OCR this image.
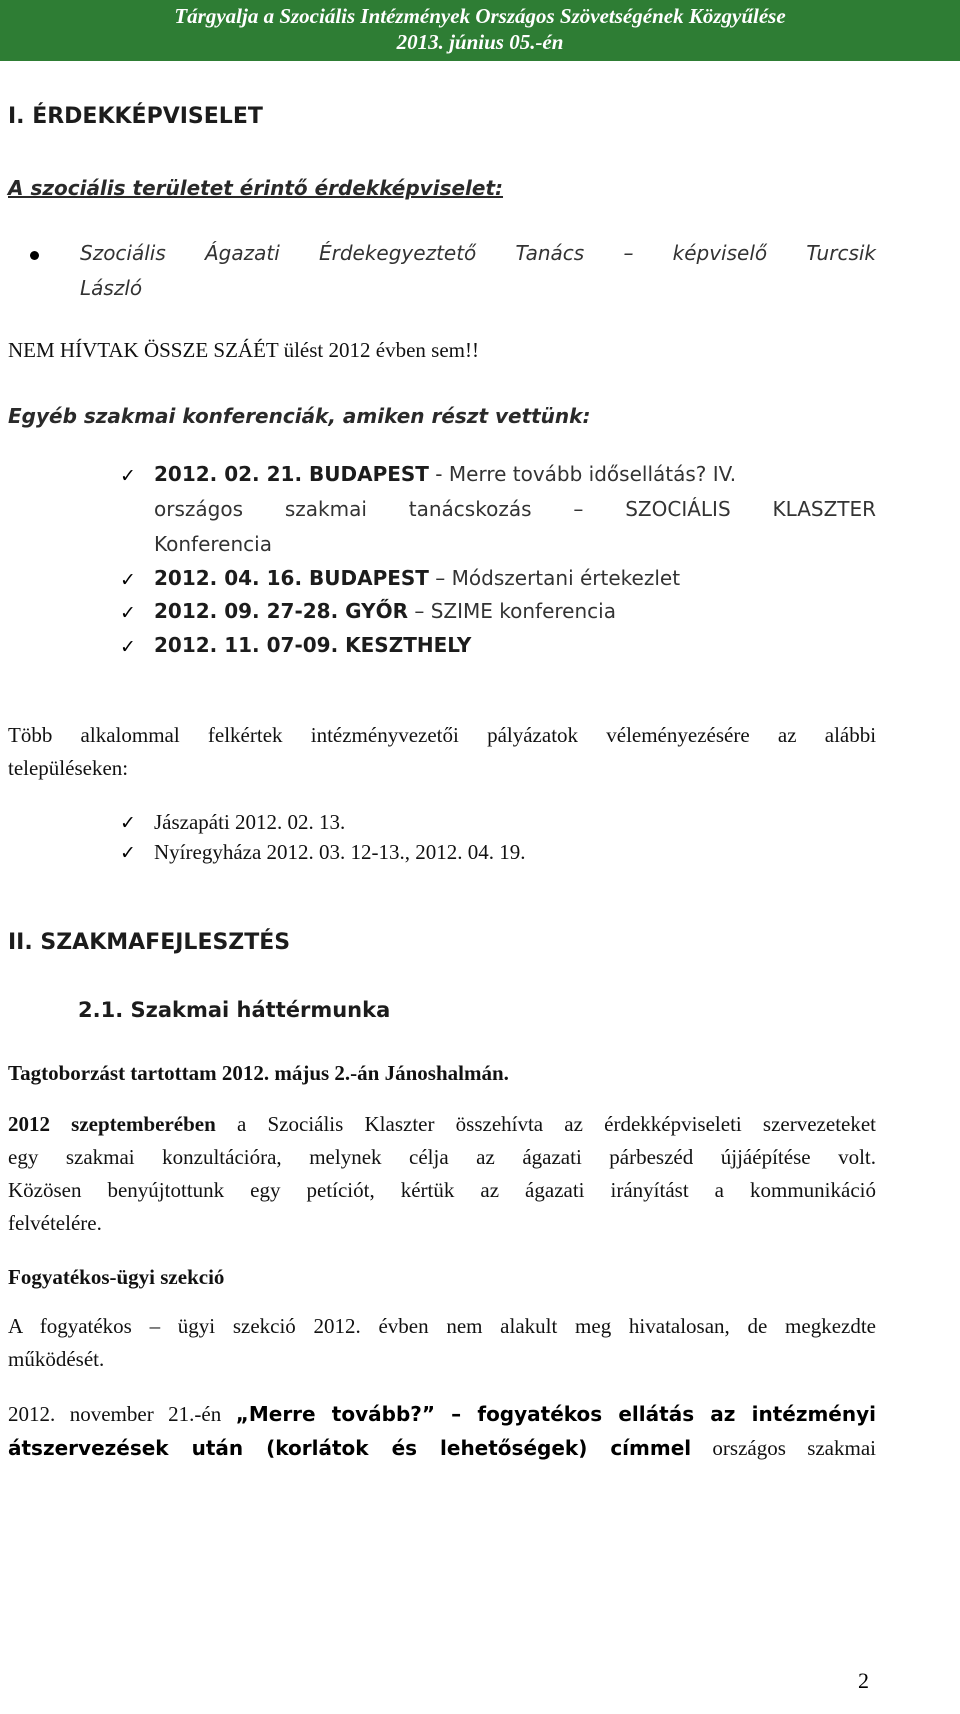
Tárgyalja a Szociális Intézmények Országos Szövetségének Közgyűlése
2013. június 05.-én
I. ÉRDEKKÉPVISELET
A szociális területet érintő érdekképviselet:
Szociális Ágazati Érdekegyeztető Tanács – képviselő Turcsik
László
NEM HÍVTAK ÖSSZE SZÁÉT ülést 2012 évben sem!!
Egyéb szakmai konferenciák, amiken részt vettünk:
✓ 2012. 02. 21. BUDAPEST - Merre tovább idősellátás? IV.
országos szakmai tanácskozás – SZOCIÁLIS KLASZTER
Konferencia
✓ 2012. 04. 16. BUDAPEST – Módszertani értekezlet
✓ 2012. 09. 27-28. GYŐR – SZIME konferencia
✓ 2012. 11. 07-09. KESZTHELY
Több alkalommal felkértek intézményvezetői pályázatok véleményezésére az alábbi
településeken:
✓ Jászapáti 2012. 02. 13.
✓ Nyíregyháza 2012. 03. 12-13., 2012. 04. 19.
II. SZAKMAFEJLESZTÉS
2.1. Szakmai háttérmunka
Tagtoborzást tartottam 2012. május 2.-án Jánoshalmán.
2012 szeptemberében a Szociális Klaszter összehívta az érdekképviseleti szervezeteket
egy szakmai konzultációra, melynek célja az ágazati párbeszéd újjáépítése volt.
Közösen benyújtottunk egy petíciót, kértük az ágazati irányítást a kommunikáció
felvételére.
Fogyatékos-ügyi szekció
A fogyatékos – ügyi szekció 2012. évben nem alakult meg hivatalosan, de megkezdte
működését.
2012. november 21.-én „Merre tovább?” – fogyatékos ellátás az intézményi
átszervezések után (korlátok és lehetőségek) címmel országos szakmai
2
